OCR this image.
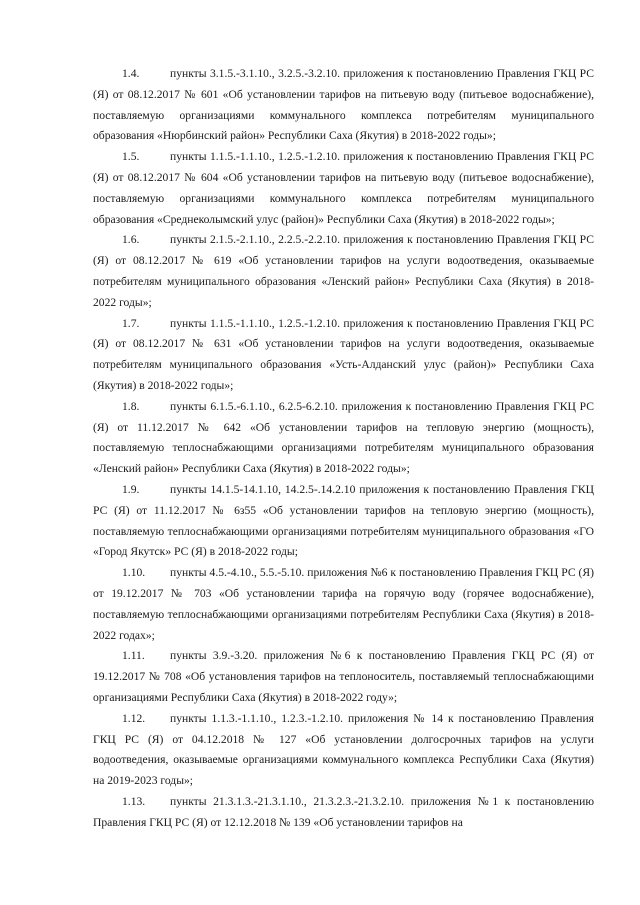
1.4.	пункты 3.1.5.-3.1.10., 3.2.5.-3.2.10. приложения к постановлению Правления ГКЦ РС (Я) от 08.12.2017 № 601 «Об установлении тарифов на питьевую воду (питьевое водоснабжение), поставляемую организациями коммунального комплекса потребителям муниципального образования «Нюрбинский район» Республики Саха (Якутия) в 2018-2022 годы»;

1.5.	пункты 1.1.5.-1.1.10., 1.2.5.-1.2.10. приложения к постановлению Правления ГКЦ РС (Я) от 08.12.2017 № 604 «Об установлении тарифов на питьевую воду (питьевое водоснабжение), поставляемую организациями коммунального комплекса потребителям муниципального образования «Среднеколымский улус (район)» Республики Саха (Якутия) в 2018-2022 годы»;

1.6.	пункты 2.1.5.-2.1.10., 2.2.5.-2.2.10. приложения к постановлению Правления ГКЦ РС (Я) от 08.12.2017 № 619 «Об установлении тарифов на услуги водоотведения, оказываемые потребителям муниципального образования «Ленский район» Республики Саха (Якутия) в 2018-2022 годы»;

1.7.	пункты 1.1.5.-1.1.10., 1.2.5.-1.2.10. приложения к постановлению Правления ГКЦ РС (Я) от 08.12.2017 № 631 «Об установлении тарифов на услуги водоотведения, оказываемые потребителям муниципального образования «Усть-Алданский улус (район)» Республики Саха (Якутия) в 2018-2022 годы»;

1.8.	пункты 6.1.5.-6.1.10., 6.2.5-6.2.10. приложения к постановлению Правления ГКЦ РС (Я) от 11.12.2017 № 642 «Об установлении тарифов на тепловую энергию (мощность), поставляемую теплоснабжающими организациями потребителям муниципального образования «Ленский район» Республики Саха (Якутия) в 2018-2022 годы»;

1.9.	пункты 14.1.5-14.1.10, 14.2.5-.14.2.10 приложения к постановлению Правления ГКЦ РС (Я) от 11.12.2017 № 6з55 «Об установлении тарифов на тепловую энергию (мощность), поставляемую теплоснабжающими организациями потребителям муниципального образования «ГО «Город Якутск» РС (Я) в 2018-2022 годы;

1.10. пункты 4.5.-4.10., 5.5.-5.10. приложения №6 к постановлению Правления ГКЦ РС (Я) от 19.12.2017 № 703 «Об установлении тарифа на горячую воду (горячее водоснабжение), поставляемую теплоснабжающими организациями потребителям Республики Саха (Якутия) в 2018-2022 годах»;

1.11. пункты 3.9.-3.20. приложения №6 к постановлению Правления ГКЦ РС (Я) от 19.12.2017 № 708 «Об установления тарифов на теплоноситель, поставляемый теплоснабжающими организациями Республики Саха (Якутия) в 2018-2022 году»;

1.12. пункты 1.1.3.-1.1.10., 1.2.3.-1.2.10. приложения № 14 к постановлению Правления ГКЦ РС (Я) от 04.12.2018 № 127 «Об установлении долгосрочных тарифов на услуги водоотведения, оказываемые организациями коммунального комплекса Республики Саха (Якутия) на 2019-2023 годы»;

1.13. пункты 21.3.1.3.-21.3.1.10., 21.3.2.3.-21.3.2.10. приложения №1 к постановлению Правления ГКЦ РС (Я) от 12.12.2018 № 139 «Об установлении тарифов на
